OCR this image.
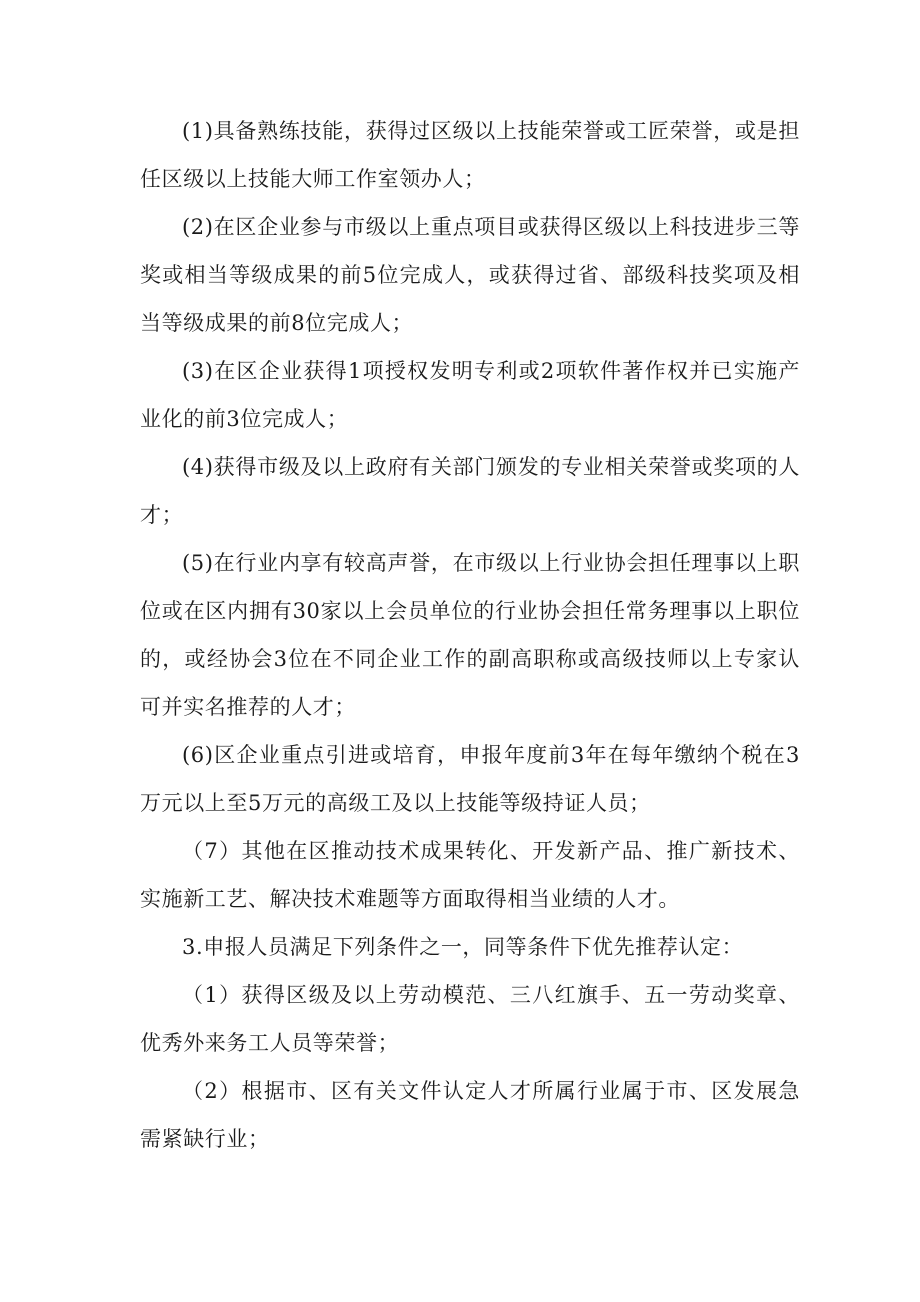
(1)具备熟练技能，获得过区级以上技能荣誉或工匠荣誉，或是担任区级以上技能大师工作室领办人；

(2)在区企业参与市级以上重点项目或获得区级以上科技进步三等奖或相当等级成果的前5位完成人，或获得过省、部级科技奖项及相当等级成果的前8位完成人；

(3)在区企业获得1项授权发明专利或2项软件著作权并已实施产业化的前3位完成人；

(4)获得市级及以上政府有关部门颁发的专业相关荣誉或奖项的人才；

(5)在行业内享有较高声誉，在市级以上行业协会担任理事以上职位或在区内拥有30家以上会员单位的行业协会担任常务理事以上职位的，或经协会3位在不同企业工作的副高职称或高级技师以上专家认可并实名推荐的人才；

(6)区企业重点引进或培育，申报年度前3年在每年缴纳个税在3万元以上至5万元的高级工及以上技能等级持证人员；

（7）其他在区推动技术成果转化、开发新产品、推广新技术、实施新工艺、解决技术难题等方面取得相当业绩的人才。

3.申报人员满足下列条件之一，同等条件下优先推荐认定：

（1）获得区级及以上劳动模范、三八红旗手、五一劳动奖章、优秀外来务工人员等荣誉；

（2）根据市、区有关文件认定人才所属行业属于市、区发展急需紧缺行业；
